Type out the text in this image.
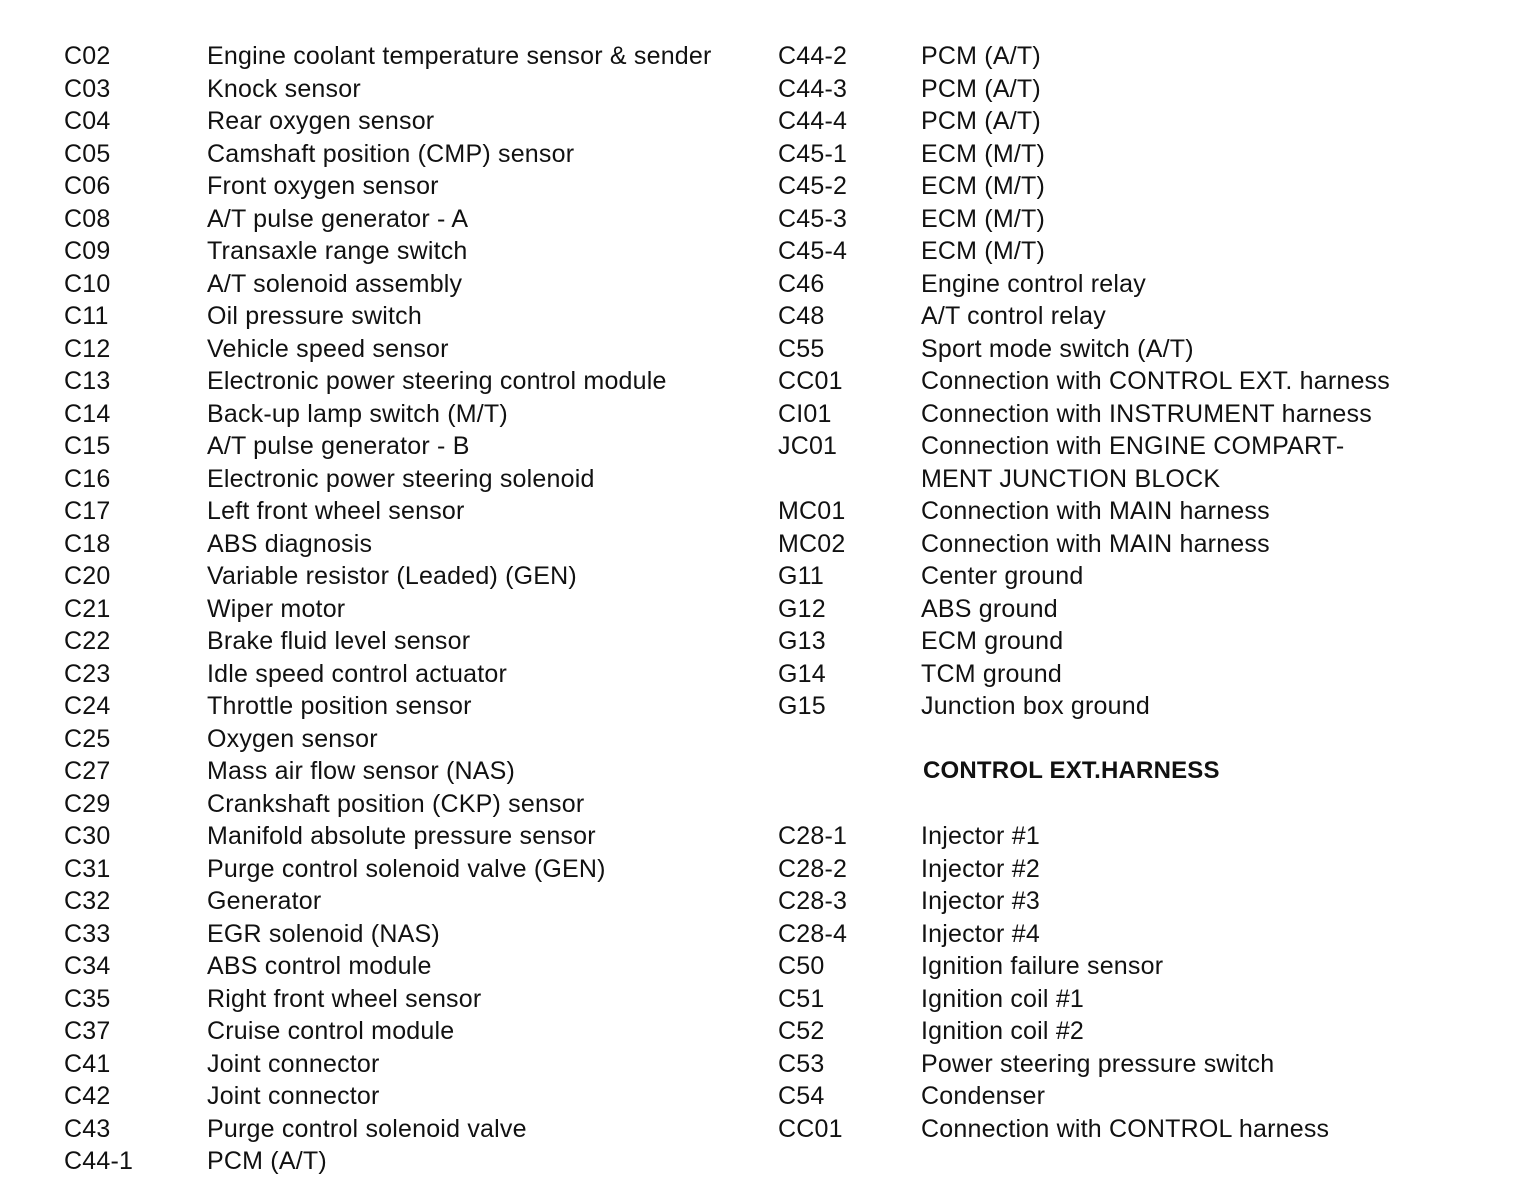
C02	Engine coolant temperature sensor & sender
C03	Knock sensor
C04	Rear oxygen sensor
C05	Camshaft position (CMP) sensor
C06	Front oxygen sensor
C08	A/T pulse generator - A
C09	Transaxle range switch
C10	A/T solenoid assembly
C11	Oil pressure switch
C12	Vehicle speed sensor
C13	Electronic power steering control module
C14	Back-up lamp switch (M/T)
C15	A/T pulse generator - B
C16	Electronic power steering solenoid
C17	Left front wheel sensor
C18	ABS diagnosis
C20	Variable resistor (Leaded) (GEN)
C21	Wiper motor
C22	Brake fluid level sensor
C23	Idle speed control actuator
C24	Throttle position sensor
C25	Oxygen sensor
C27	Mass air flow sensor (NAS)
C29	Crankshaft position (CKP) sensor
C30	Manifold absolute pressure sensor
C31	Purge control solenoid valve (GEN)
C32	Generator
C33	EGR solenoid (NAS)
C34	ABS control module
C35	Right front wheel sensor
C37	Cruise control module
C41	Joint connector
C42	Joint connector
C43	Purge control solenoid valve
C44-1	PCM (A/T)
C44-2	PCM (A/T)
C44-3	PCM (A/T)
C44-4	PCM (A/T)
C45-1	ECM (M/T)
C45-2	ECM (M/T)
C45-3	ECM (M/T)
C45-4	ECM (M/T)
C46	Engine control relay
C48	A/T control relay
C55	Sport mode switch (A/T)
CC01	Connection with CONTROL EXT. harness
CI01	Connection with INSTRUMENT harness
JC01	Connection with ENGINE COMPART-
MENT JUNCTION BLOCK
MC01	Connection with MAIN harness
MC02	Connection with MAIN harness
G11	Center ground
G12	ABS ground
G13	ECM ground
G14	TCM ground
G15	Junction box ground
CONTROL EXT.HARNESS
C28-1	Injector #1
C28-2	Injector #2
C28-3	Injector #3
C28-4	Injector #4
C50	Ignition failure sensor
C51	Ignition coil #1
C52	Ignition coil #2
C53	Power steering pressure switch
C54	Condenser
CC01	Connection with CONTROL harness
